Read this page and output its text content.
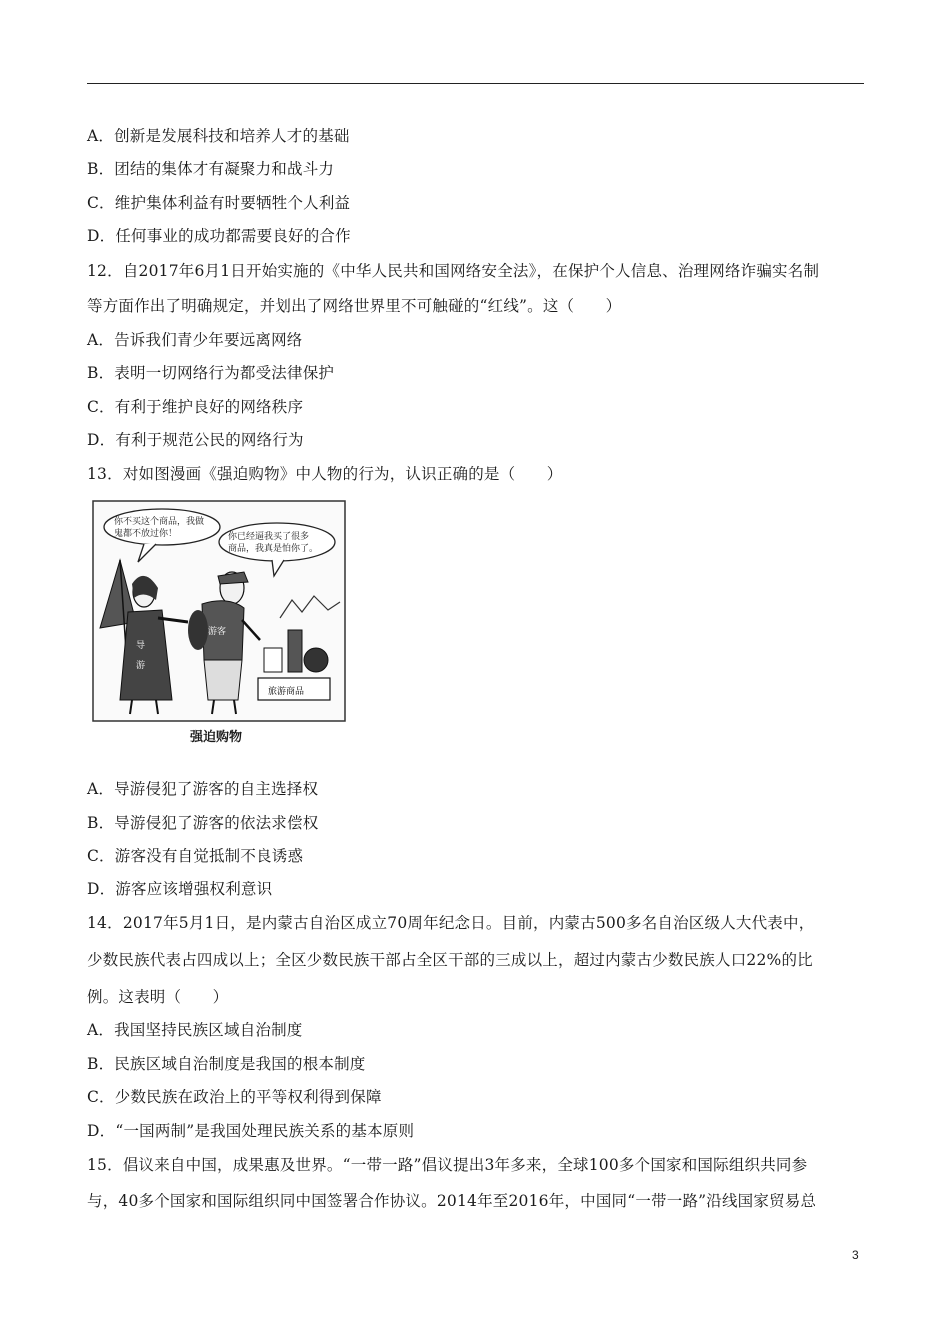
A．创新是发展科技和培养人才的基础
B．团结的集体才有凝聚力和战斗力
C．维护集体利益有时要牺牲个人利益
D．任何事业的成功都需要良好的合作
12．自2017年6月1日开始实施的《中华人民共和国网络安全法》，在保护个人信息、治理网络诈骗实名制
等方面作出了明确规定，并划出了网络世界里不可触碰的“红线”。这（　　）
A．告诉我们青少年要远离网络
B．表明一切网络行为都受法律保护
C．有利于维护良好的网络秩序
D．有利于规范公民的网络行为
13．对如图漫画《强迫购物》中人物的行为，认识正确的是（　　）
你不买这个商品，我做
鬼都不放过你！	你已经逼我买了很多
商品，我真是怕你了。
导
游
游客
旅游商品
强迫购物
A．导游侵犯了游客的自主选择权
B．导游侵犯了游客的依法求偿权
C．游客没有自觉抵制不良诱惑
D．游客应该增强权利意识
14．2017年5月1日，是内蒙古自治区成立70周年纪念日。目前，内蒙古500多名自治区级人大代表中，
少数民族代表占四成以上；全区少数民族干部占全区干部的三成以上，超过内蒙古少数民族人口22%的比
例。这表明（　　）
A．我国坚持民族区域自治制度
B．民族区域自治制度是我国的根本制度
C．少数民族在政治上的平等权利得到保障
D．“一国两制”是我国处理民族关系的基本原则
15．倡议来自中国，成果惠及世界。“一带一路”倡议提出3年多来，全球100多个国家和国际组织共同参
与，40多个国家和国际组织同中国签署合作协议。2014年至2016年，中国同“一带一路”沿线国家贸易总
3
